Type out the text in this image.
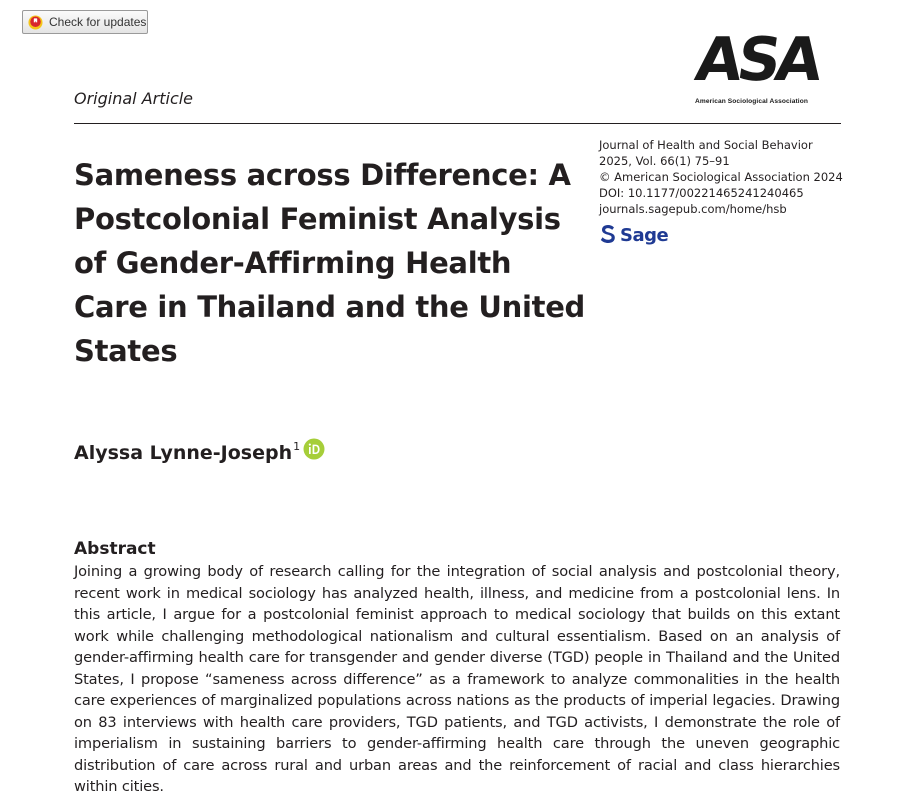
Check for updates
Original Article
ASA
American Sociological Association
Journal of Health and Social Behavior
2025, Vol. 66(1) 75–91
© American Sociological Association 2024
DOI: 10.1177/00221465241240465
journals.sagepub.com/home/hsb
Sage
Sameness across Difference: A Postcolonial Feminist Analysis of Gender-Affirming Health Care in Thailand and the United States
Alyssa Lynne-Joseph 1
Abstract

Joining a growing body of research calling for the integration of social analysis and postcolonial theory, recent work in medical sociology has analyzed health, illness, and medicine from a postcolonial lens. In this article, I argue for a postcolonial feminist approach to medical sociology that builds on this extant work while challenging methodological nationalism and cultural essentialism. Based on an analysis of gender-affirming health care for transgender and gender diverse (TGD) people in Thailand and the United States, I propose “sameness across difference” as a framework to analyze commonalities in the health care experiences of marginalized populations across nations as the products of imperial legacies. Drawing on 83 interviews with health care providers, TGD patients, and TGD activists, I demonstrate the role of imperialism in sustaining barriers to gender-affirming health care through the uneven geographic distribution of care across rural and urban areas and the reinforcement of racial and class hierarchies within cities.
